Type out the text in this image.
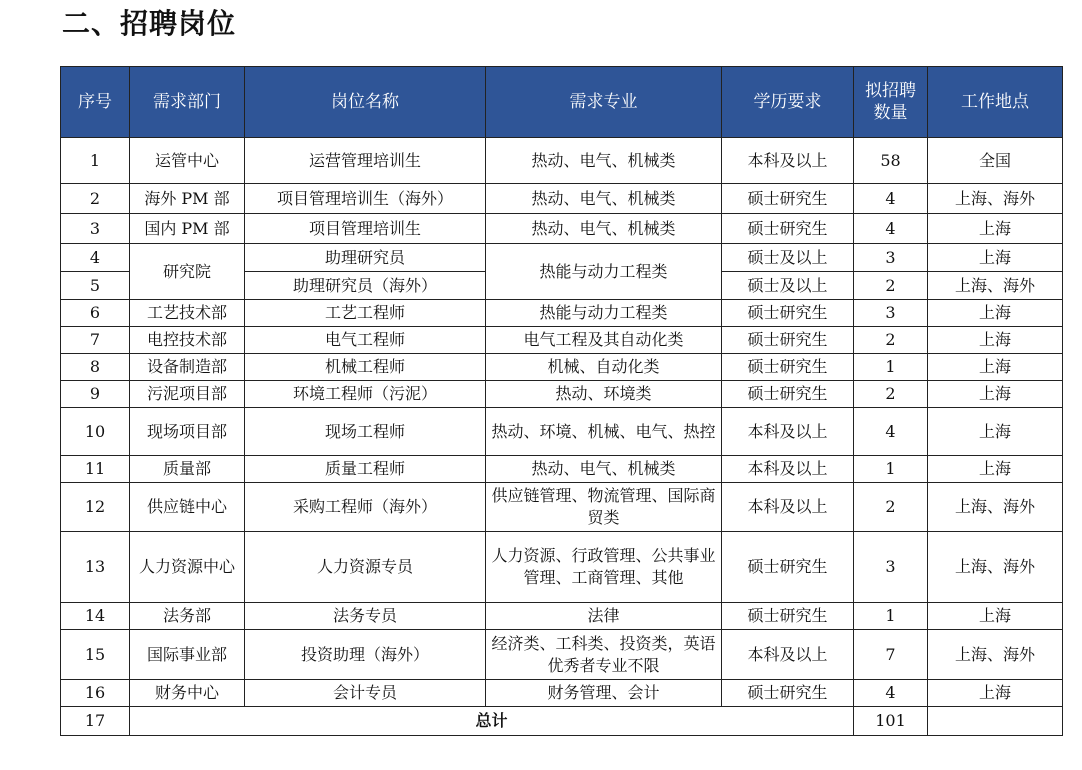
二、招聘岗位
序号	需求部门	岗位名称	需求专业	学历要求	拟招聘数量	工作地点
1	运管中心	运营管理培训生	热动、电气、机械类	本科及以上	58	全国
2	海外 PM 部	项目管理培训生（海外）	热动、电气、机械类	硕士研究生	4	上海、海外
3	国内 PM 部	项目管理培训生	热动、电气、机械类	硕士研究生	4	上海
4	研究院	助理研究员	热能与动力工程类	硕士及以上	3	上海
5		助理研究员（海外）		硕士及以上	2	上海、海外
6	工艺技术部	工艺工程师	热能与动力工程类	硕士研究生	3	上海
7	电控技术部	电气工程师	电气工程及其自动化类	硕士研究生	2	上海
8	设备制造部	机械工程师	机械、自动化类	硕士研究生	1	上海
9	污泥项目部	环境工程师（污泥）	热动、环境类	硕士研究生	2	上海
10	现场项目部	现场工程师	热动、环境、机械、电气、热控	本科及以上	4	上海
11	质量部	质量工程师	热动、电气、机械类	本科及以上	1	上海
12	供应链中心	采购工程师（海外）	供应链管理、物流管理、国际商贸类	本科及以上	2	上海、海外
13	人力资源中心	人力资源专员	人力资源、行政管理、公共事业管理、工商管理、其他	硕士研究生	3	上海、海外
14	法务部	法务专员	法律	硕士研究生	1	上海
15	国际事业部	投资助理（海外）	经济类、工科类、投资类，英语优秀者专业不限	本科及以上	7	上海、海外
16	财务中心	会计专员	财务管理、会计	硕士研究生	4	上海
17	总计				101	
